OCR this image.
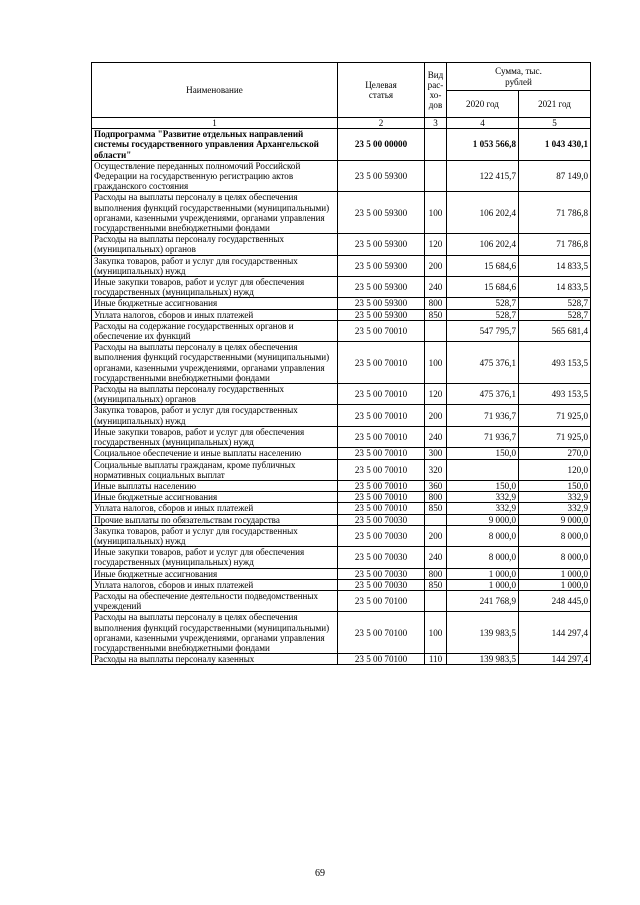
Наименование	Целевая статья	Вид рас-хо-дов	Сумма, тыс. рублей	
			2020 год	2021 год
1	2	3	4	5
Подпрограмма "Развитие отдельных направлений системы государственного управления Архангельской области"	23 5 00 00000		1 053 566,8	1 043 430,1
Осуществление переданных полномочий Российской Федерации на государственную регистрацию актов гражданского состояния	23 5 00 59300		122 415,7	87 149,0
Расходы на выплаты персоналу в целях обеспечения выполнения функций государственными (муниципальными) органами, казенными учреждениями, органами управления государственными внебюджетными фондами	23 5 00 59300	100	106 202,4	71 786,8
Расходы на выплаты персоналу государственных (муниципальных) органов	23 5 00 59300	120	106 202,4	71 786,8
Закупка товаров, работ и услуг для государственных (муниципальных) нужд	23 5 00 59300	200	15 684,6	14 833,5
Иные закупки товаров, работ и услуг для обеспечения государственных (муниципальных) нужд	23 5 00 59300	240	15 684,6	14 833,5
Иные бюджетные ассигнования	23 5 00 59300	800	528,7	528,7
Уплата налогов, сборов и иных платежей	23 5 00 59300	850	528,7	528,7
Расходы на содержание государственных органов и обеспечение их функций	23 5 00 70010		547 795,7	565 681,4
Расходы на выплаты персоналу в целях обеспечения выполнения функций государственными (муниципальными) органами, казенными учреждениями, органами управления государственными внебюджетными фондами	23 5 00 70010	100	475 376,1	493 153,5
Расходы на выплаты персоналу государственных (муниципальных) органов	23 5 00 70010	120	475 376,1	493 153,5
Закупка товаров, работ и услуг для государственных (муниципальных) нужд	23 5 00 70010	200	71 936,7	71 925,0
Иные закупки товаров, работ и услуг для обеспечения государственных (муниципальных) нужд	23 5 00 70010	240	71 936,7	71 925,0
Социальное обеспечение и иные выплаты населению	23 5 00 70010	300	150,0	270,0
Социальные выплаты гражданам, кроме публичных нормативных социальных выплат	23 5 00 70010	320		120,0
Иные выплаты населению	23 5 00 70010	360	150,0	150,0
Иные бюджетные ассигнования	23 5 00 70010	800	332,9	332,9
Уплата налогов, сборов и иных платежей	23 5 00 70010	850	332,9	332,9
Прочие выплаты по обязательствам государства	23 5 00 70030		9 000,0	9 000,0
Закупка товаров, работ и услуг для государственных (муниципальных) нужд	23 5 00 70030	200	8 000,0	8 000,0
Иные закупки товаров, работ и услуг для обеспечения государственных (муниципальных) нужд	23 5 00 70030	240	8 000,0	8 000,0
Иные бюджетные ассигнования	23 5 00 70030	800	1 000,0	1 000,0
Уплата налогов, сборов и иных платежей	23 5 00 70030	850	1 000,0	1 000,0
Расходы на обеспечение деятельности подведомственных учреждений	23 5 00 70100		241 768,9	248 445,0
Расходы на выплаты персоналу в целях обеспечения выполнения функций государственными (муниципальными) органами, казенными учреждениями, органами управления государственными внебюджетными фондами	23 5 00 70100	100	139 983,5	144 297,4
Расходы на выплаты персоналу казенных	23 5 00 70100	110	139 983,5	144 297,4
69
